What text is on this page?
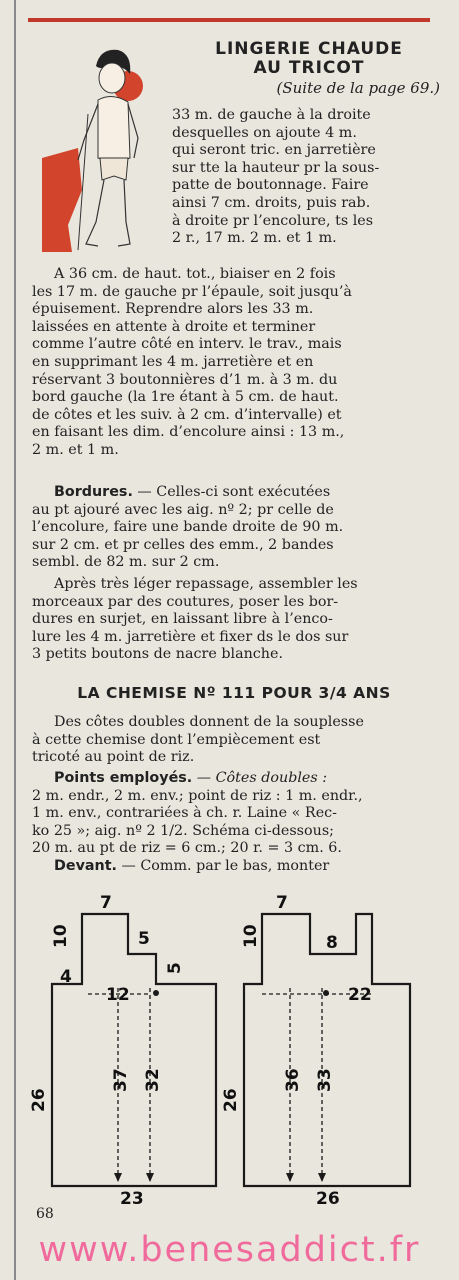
LINGERIE CHAUDE
AU TRICOT

(Suite de la page 69.)

33 m. de gauche à la droite
desquelles on ajoute 4 m.
qui seront tric. en jarretière
sur tte la hauteur pr la sous-
patte de boutonnage. Faire
ainsi 7 cm. droits, puis rab.
à droite pr l’encolure, ts les
2 r., 17 m. 2 m. et 1 m.

A 36 cm. de haut. tot., biaiser en 2 fois
les 17 m. de gauche pr l’épaule, soit jusqu’à
épuisement. Reprendre alors les 33 m.
laissées en attente à droite et terminer
comme l’autre côté en interv. le trav., mais
en supprimant les 4 m. jarretière et en
réservant 3 boutonnières d’1 m. à 3 m. du
bord gauche (la 1re étant à 5 cm. de haut.
de côtes et les suiv. à 2 cm. d’intervalle) et
en faisant les dim. d’encolure ainsi : 13 m.,
2 m. et 1 m.

Bordures. — Celles-ci sont exécutées
au pt ajouré avec les aig. nº 2; pr celle de
l’encolure, faire une bande droite de 90 m.
sur 2 cm. et pr celles des emm., 2 bandes
sembl. de 82 m. sur 2 cm.

Après très léger repassage, assembler les
morceaux par des coutures, poser les bor-
dures en surjet, en laissant libre à l’enco-
lure les 4 m. jarretière et fixer ds le dos sur
3 petits boutons de nacre blanche.

LA CHEMISE Nº 111 POUR 3/4 ANS

Des côtes doubles donnent de la souplesse
à cette chemise dont l’empiècement est
tricoté au point de riz.

Points employés. — Côtes doubles :
2 m. endr., 2 m. env.; point de riz : 1 m. endr.,
1 m. env., contrariées à ch. r. Laine « Rec-
ko 25 »; aig. nº 2 1/2. Schéma ci-dessous;
20 m. au pt de riz = 6 cm.; 20 r. = 3 cm. 6.
Devant. — Comm. par le bas, monter

7
10	5
5
4
12
37 32
26
23
7
8
10
22
36 33
26
26

68

www.benesaddict.fr
